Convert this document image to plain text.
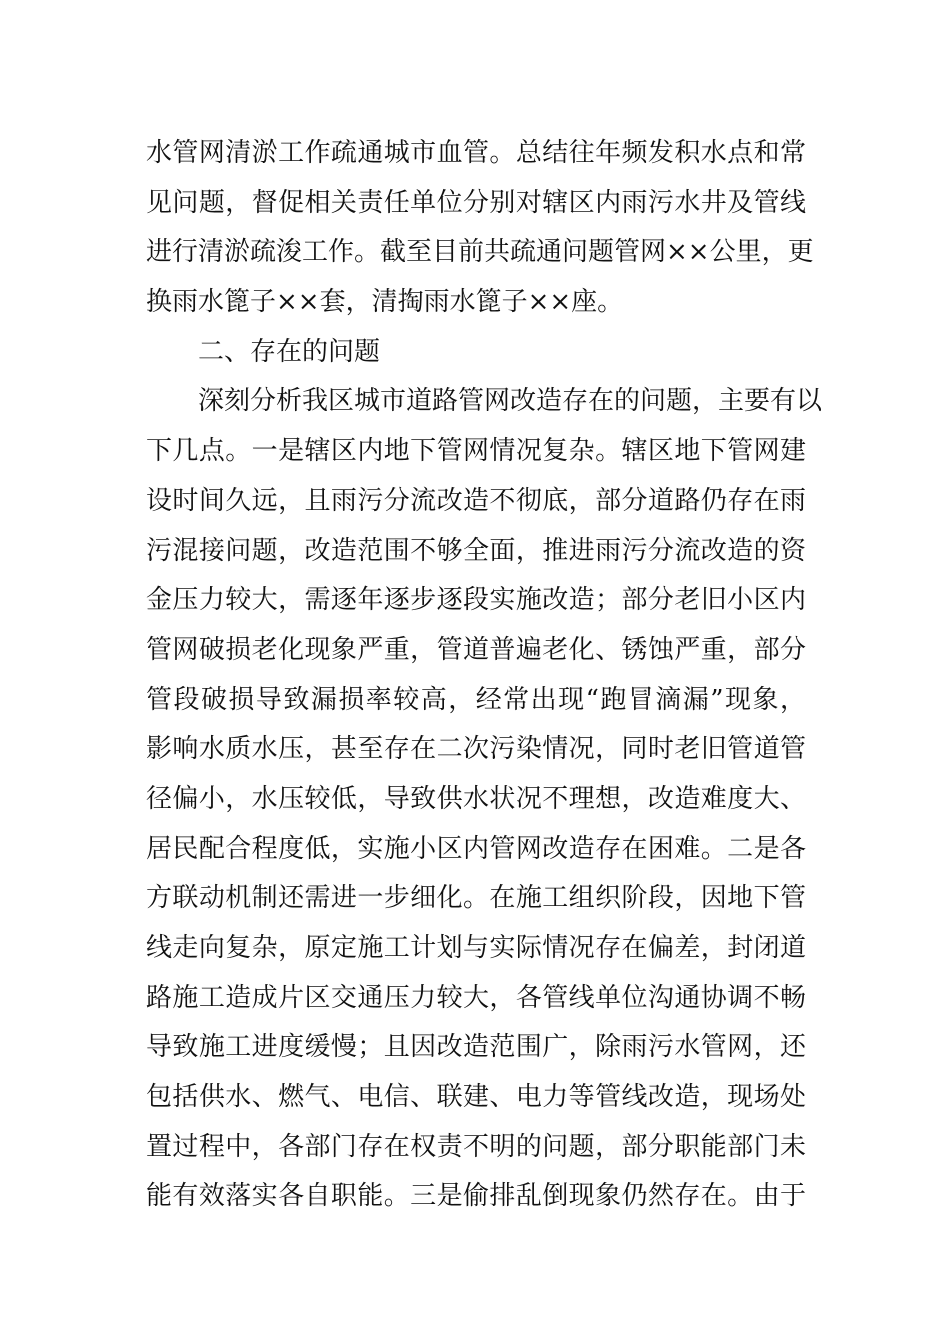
水管网清淤工作疏通城市血管。总结往年频发积水点和常
见问题，督促相关责任单位分别对辖区内雨污水井及管线
进行清淤疏浚工作。截至目前共疏通问题管网××公里，更
换雨水篦子××套，清掏雨水篦子××座。
二、存在的问题
深刻分析我区城市道路管网改造存在的问题，主要有以
下几点。一是辖区内地下管网情况复杂。辖区地下管网建
设时间久远，且雨污分流改造不彻底，部分道路仍存在雨
污混接问题，改造范围不够全面，推进雨污分流改造的资
金压力较大，需逐年逐步逐段实施改造；部分老旧小区内
管网破损老化现象严重，管道普遍老化、锈蚀严重，部分
管段破损导致漏损率较高，经常出现“跑冒滴漏”现象，
影响水质水压，甚至存在二次污染情况，同时老旧管道管
径偏小，水压较低，导致供水状况不理想，改造难度大、
居民配合程度低，实施小区内管网改造存在困难。二是各
方联动机制还需进一步细化。在施工组织阶段，因地下管
线走向复杂，原定施工计划与实际情况存在偏差，封闭道
路施工造成片区交通压力较大，各管线单位沟通协调不畅
导致施工进度缓慢；且因改造范围广，除雨污水管网，还
包括供水、燃气、电信、联建、电力等管线改造，现场处
置过程中，各部门存在权责不明的问题，部分职能部门未
能有效落实各自职能。三是偷排乱倒现象仍然存在。由于
